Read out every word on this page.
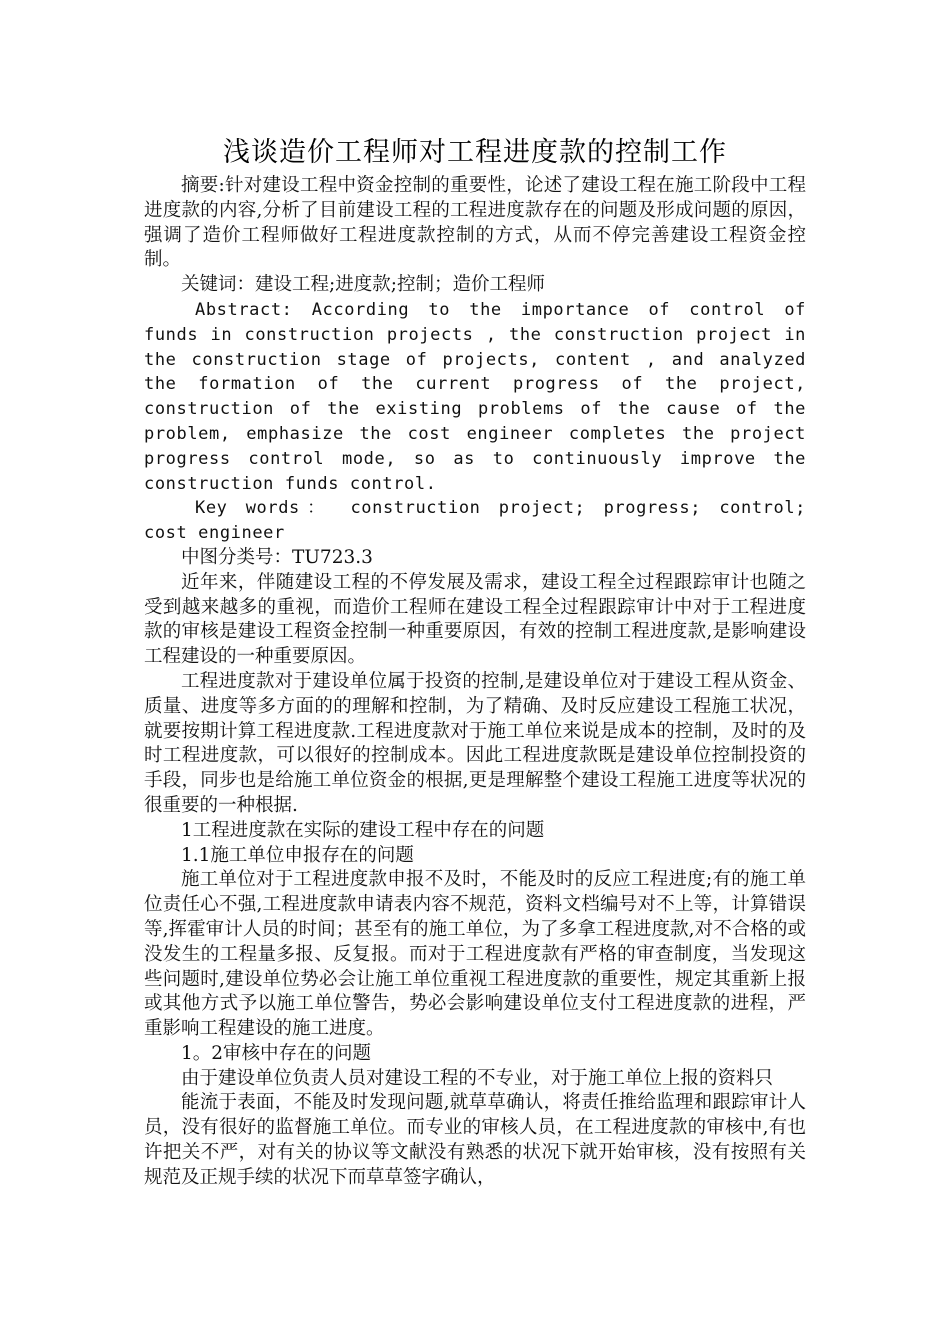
浅谈造价工程师对工程进度款的控制工作

摘要:针对建设工程中资金控制的重要性，论述了建设工程在施工阶段中工程进度款的内容,分析了目前建设工程的工程进度款存在的问题及形成问题的原因，强调了造价工程师做好工程进度款控制的方式，从而不停完善建设工程资金控制。

关键词：建设工程;进度款;控制；造价工程师

Abstract: According to the importance of control of funds in construction projects , the construction project in the construction stage of projects, content , and analyzed the formation of the current progress of the project, construction of the existing problems of the cause of the problem, emphasize the cost engineer completes the project progress control mode, so as to continuously improve the construction funds control.

Key words： construction project; progress; control; cost engineer

中图分类号：TU723.3

近年来，伴随建设工程的不停发展及需求，建设工程全过程跟踪审计也随之受到越来越多的重视，而造价工程师在建设工程全过程跟踪审计中对于工程进度款的审核是建设工程资金控制一种重要原因，有效的控制工程进度款,是影响建设工程建设的一种重要原因。

工程进度款对于建设单位属于投资的控制,是建设单位对于建设工程从资金、质量、进度等多方面的的理解和控制，为了精确、及时反应建设工程施工状况，就要按期计算工程进度款.工程进度款对于施工单位来说是成本的控制，及时的及时工程进度款，可以很好的控制成本。因此工程进度款既是建设单位控制投资的手段，同步也是给施工单位资金的根据,更是理解整个建设工程施工进度等状况的很重要的一种根据.

1工程进度款在实际的建设工程中存在的问题

1.1施工单位申报存在的问题

施工单位对于工程进度款申报不及时，不能及时的反应工程进度;有的施工单位责任心不强,工程进度款申请表内容不规范，资料文档编号对不上等，计算错误等,挥霍审计人员的时间；甚至有的施工单位，为了多拿工程进度款,对不合格的或没发生的工程量多报、反复报。而对于工程进度款有严格的审查制度，当发现这些问题时,建设单位势必会让施工单位重视工程进度款的重要性，规定其重新上报或其他方式予以施工单位警告，势必会影响建设单位支付工程进度款的进程，严重影响工程建设的施工进度。

1。2审核中存在的问题

由于建设单位负责人员对建设工程的不专业，对于施工单位上报的资料只

能流于表面，不能及时发现问题,就草草确认，将责任推给监理和跟踪审计人员，没有很好的监督施工单位。而专业的审核人员，在工程进度款的审核中,有也许把关不严，对有关的协议等文献没有熟悉的状况下就开始审核，没有按照有关规范及正规手续的状况下而草草签字确认，
